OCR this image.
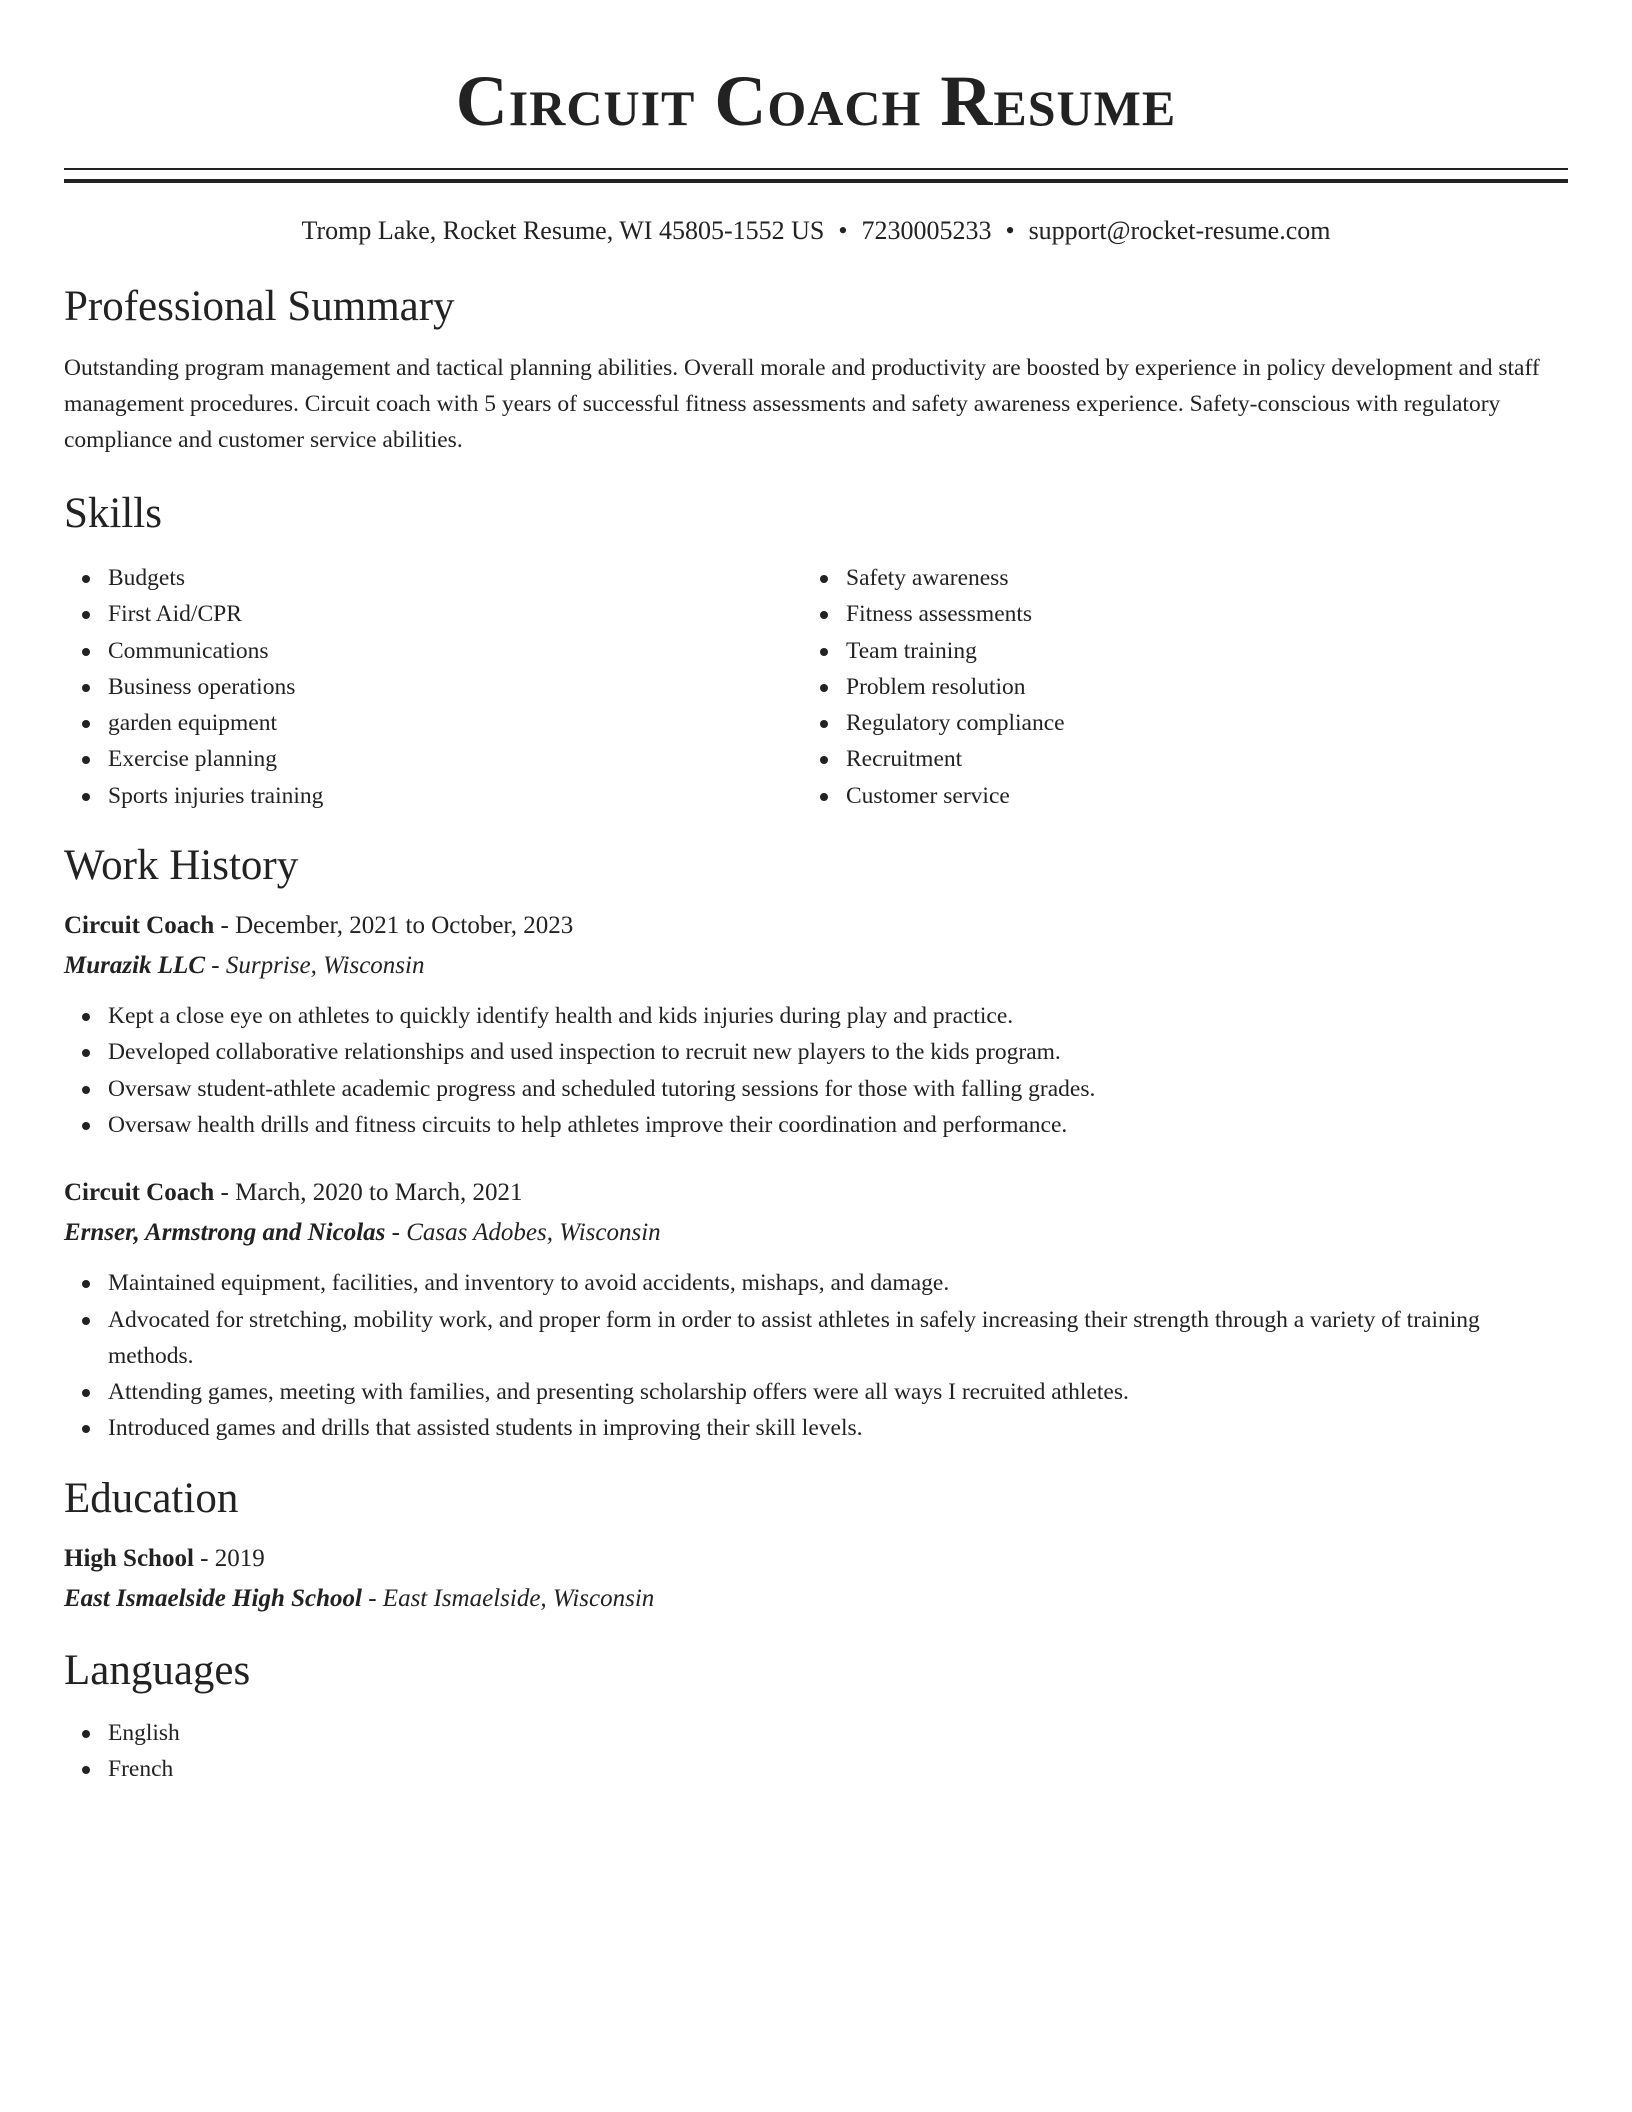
Circuit Coach Resume
Tromp Lake, Rocket Resume, WI 45805-1552 US • 7230005233 • support@rocket-resume.com
Professional Summary

Outstanding program management and tactical planning abilities. Overall morale and productivity are boosted by experience in policy development and staff management procedures. Circuit coach with 5 years of successful fitness assessments and safety awareness experience. Safety-conscious with regulatory compliance and customer service abilities.

Skills
Budgets
First Aid/CPR
Communications
Business operations
garden equipment
Exercise planning
Sports injuries training
Safety awareness
Fitness assessments
Team training
Problem resolution
Regulatory compliance
Recruitment
Customer service
Work History
Circuit Coach - December, 2021 to October, 2023
Murazik LLC - Surprise, Wisconsin
Kept a close eye on athletes to quickly identify health and kids injuries during play and practice.
Developed collaborative relationships and used inspection to recruit new players to the kids program.
Oversaw student-athlete academic progress and scheduled tutoring sessions for those with falling grades.
Oversaw health drills and fitness circuits to help athletes improve their coordination and performance.
Circuit Coach - March, 2020 to March, 2021
Ernser, Armstrong and Nicolas - Casas Adobes, Wisconsin
Maintained equipment, facilities, and inventory to avoid accidents, mishaps, and damage.
Advocated for stretching, mobility work, and proper form in order to assist athletes in safely increasing their strength through a variety of training methods.
Attending games, meeting with families, and presenting scholarship offers were all ways I recruited athletes.
Introduced games and drills that assisted students in improving their skill levels.
Education
High School - 2019
East Ismaelside High School - East Ismaelside, Wisconsin
Languages
English
French
